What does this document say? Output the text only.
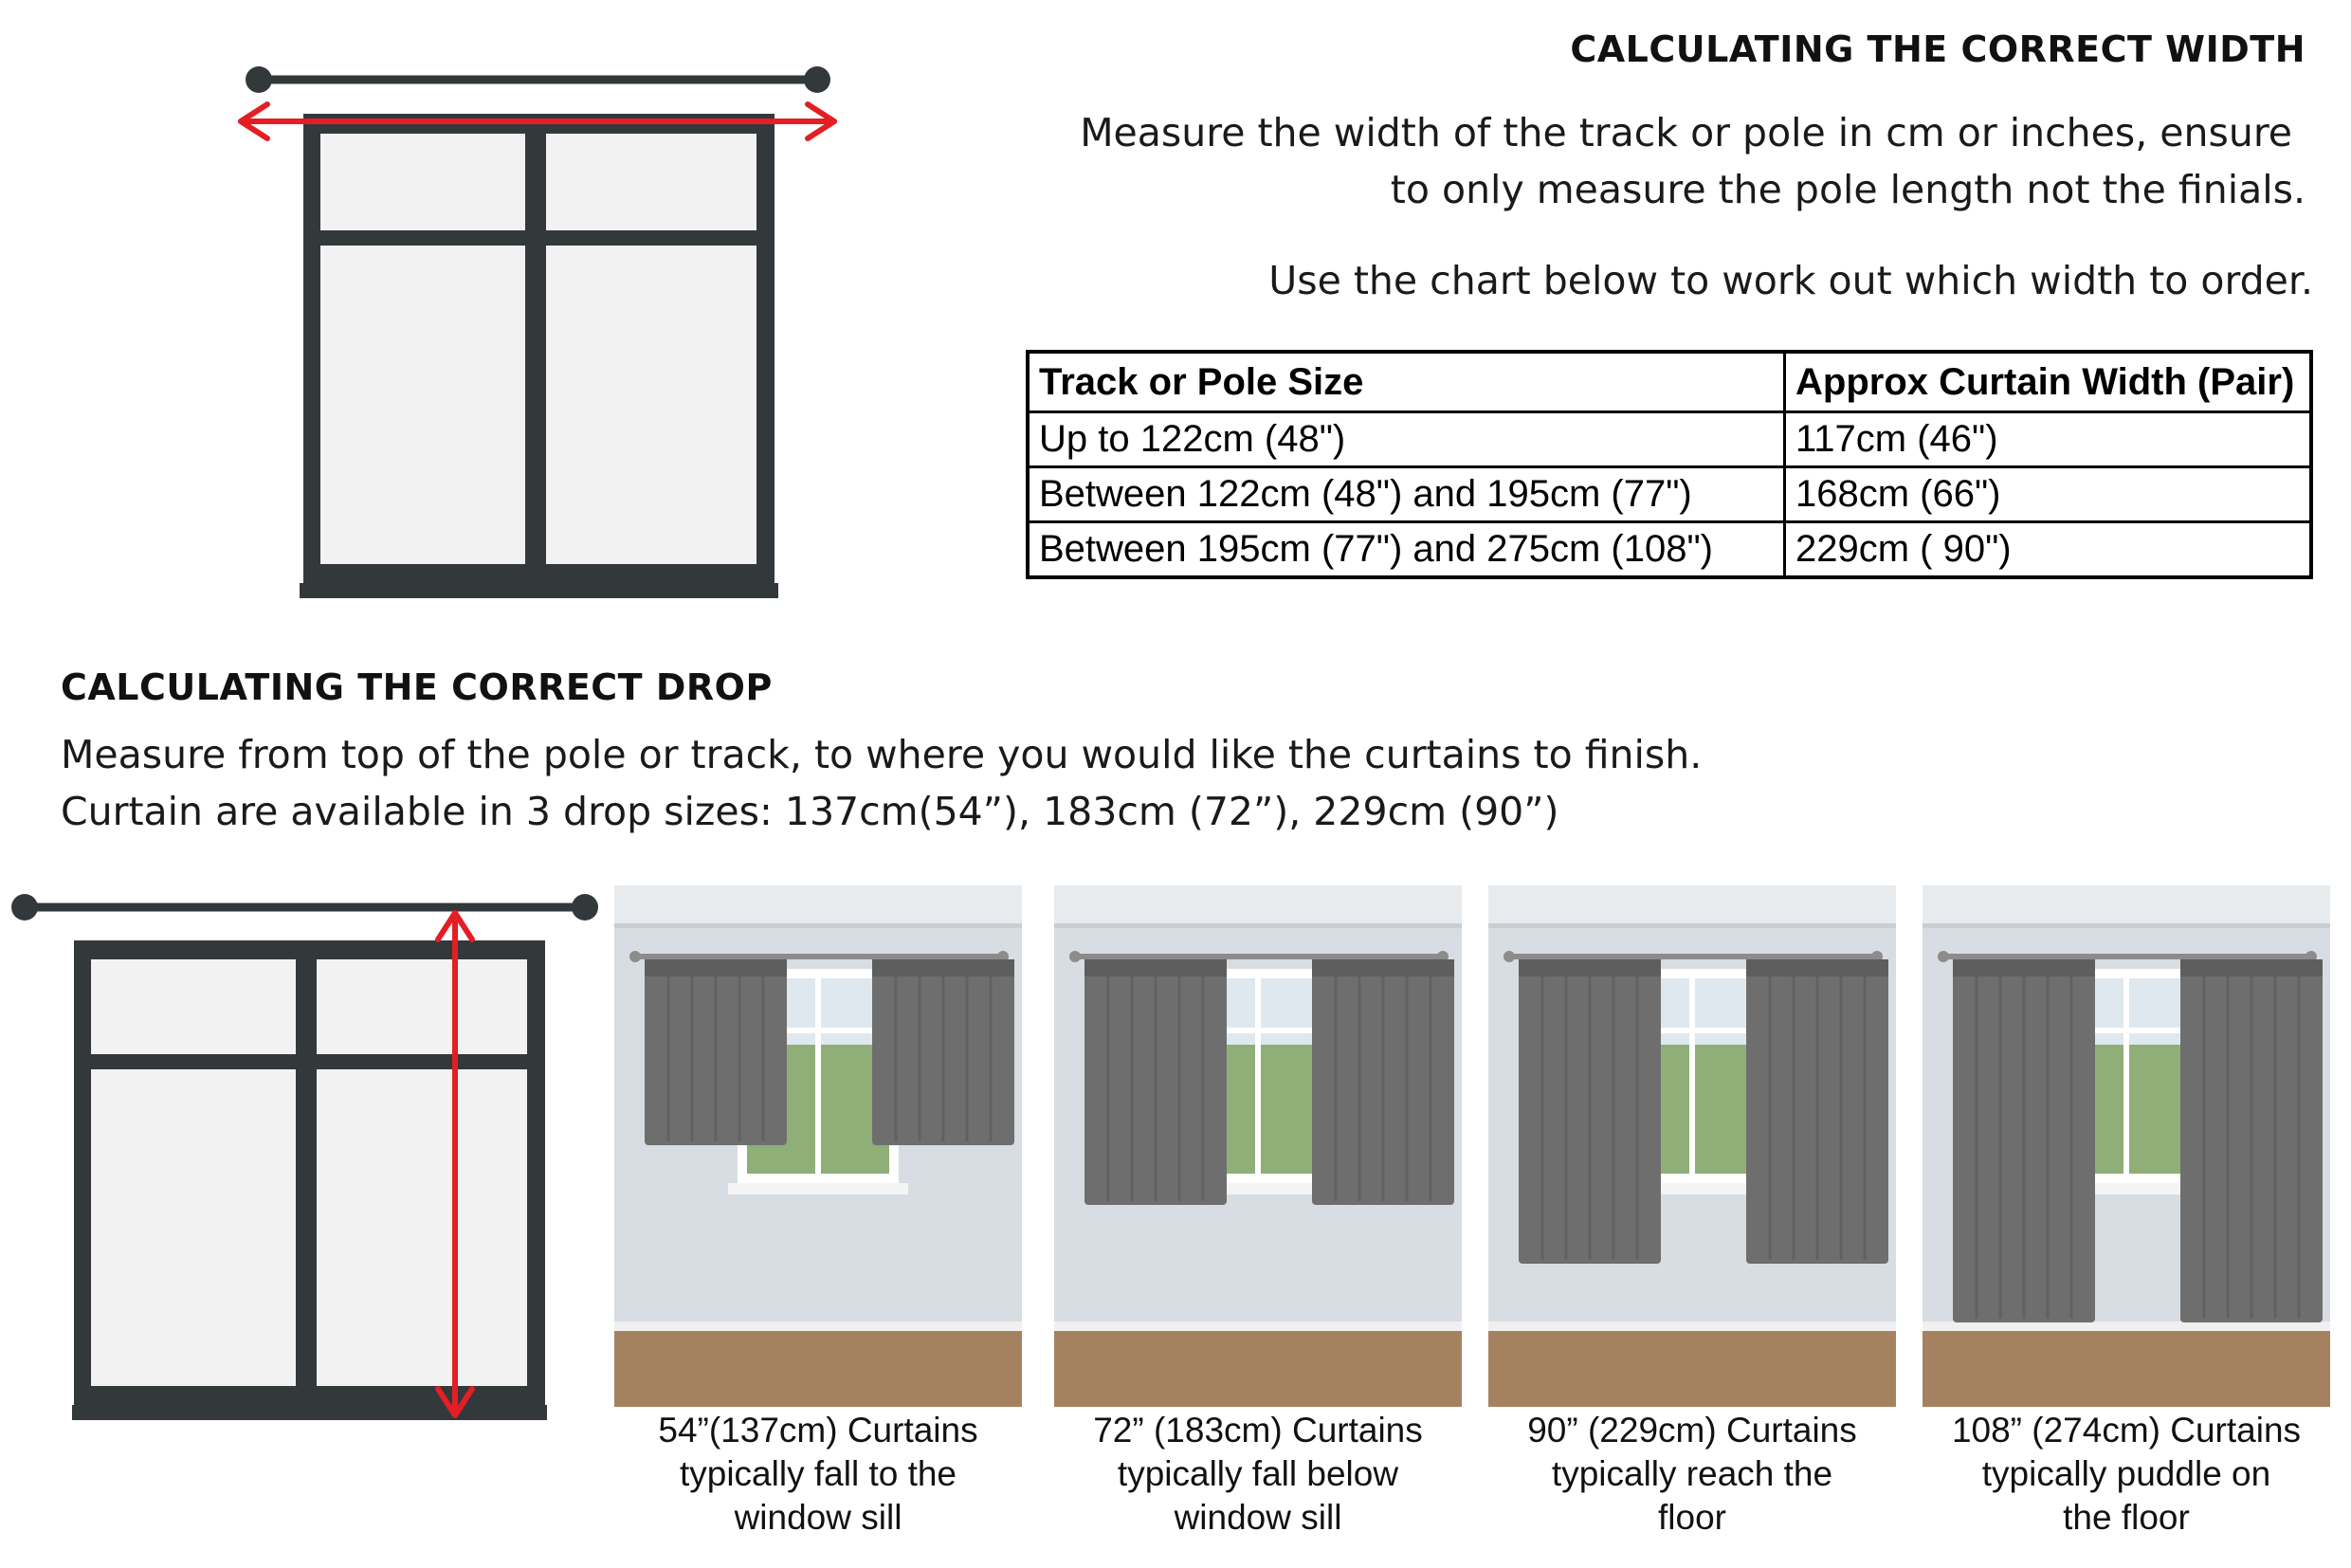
CALCULATING THE CORRECT WIDTH
Measure the width of the track or pole in cm or inches, ensure
to only measure the pole length not the finials.
Use the chart below to work out which width to order.
Track or Pole Size	Approx Curtain Width (Pair)
Up to 122cm (48")	117cm (46")
Between 122cm (48") and 195cm (77")	168cm (66")
Between 195cm (77") and 275cm (108")	229cm ( 90")
CALCULATING THE CORRECT DROP
Measure from top of the pole or track, to where you would like the curtains to finish.
Curtain are available in 3 drop sizes: 137cm(54”), 183cm (72”), 229cm (90”)
54”(137cm) Curtains
typically fall to the
window sill
72” (183cm) Curtains
typically fall below
window sill
90” (229cm) Curtains
typically reach the
floor
108” (274cm) Curtains
typically puddle on
the floor
